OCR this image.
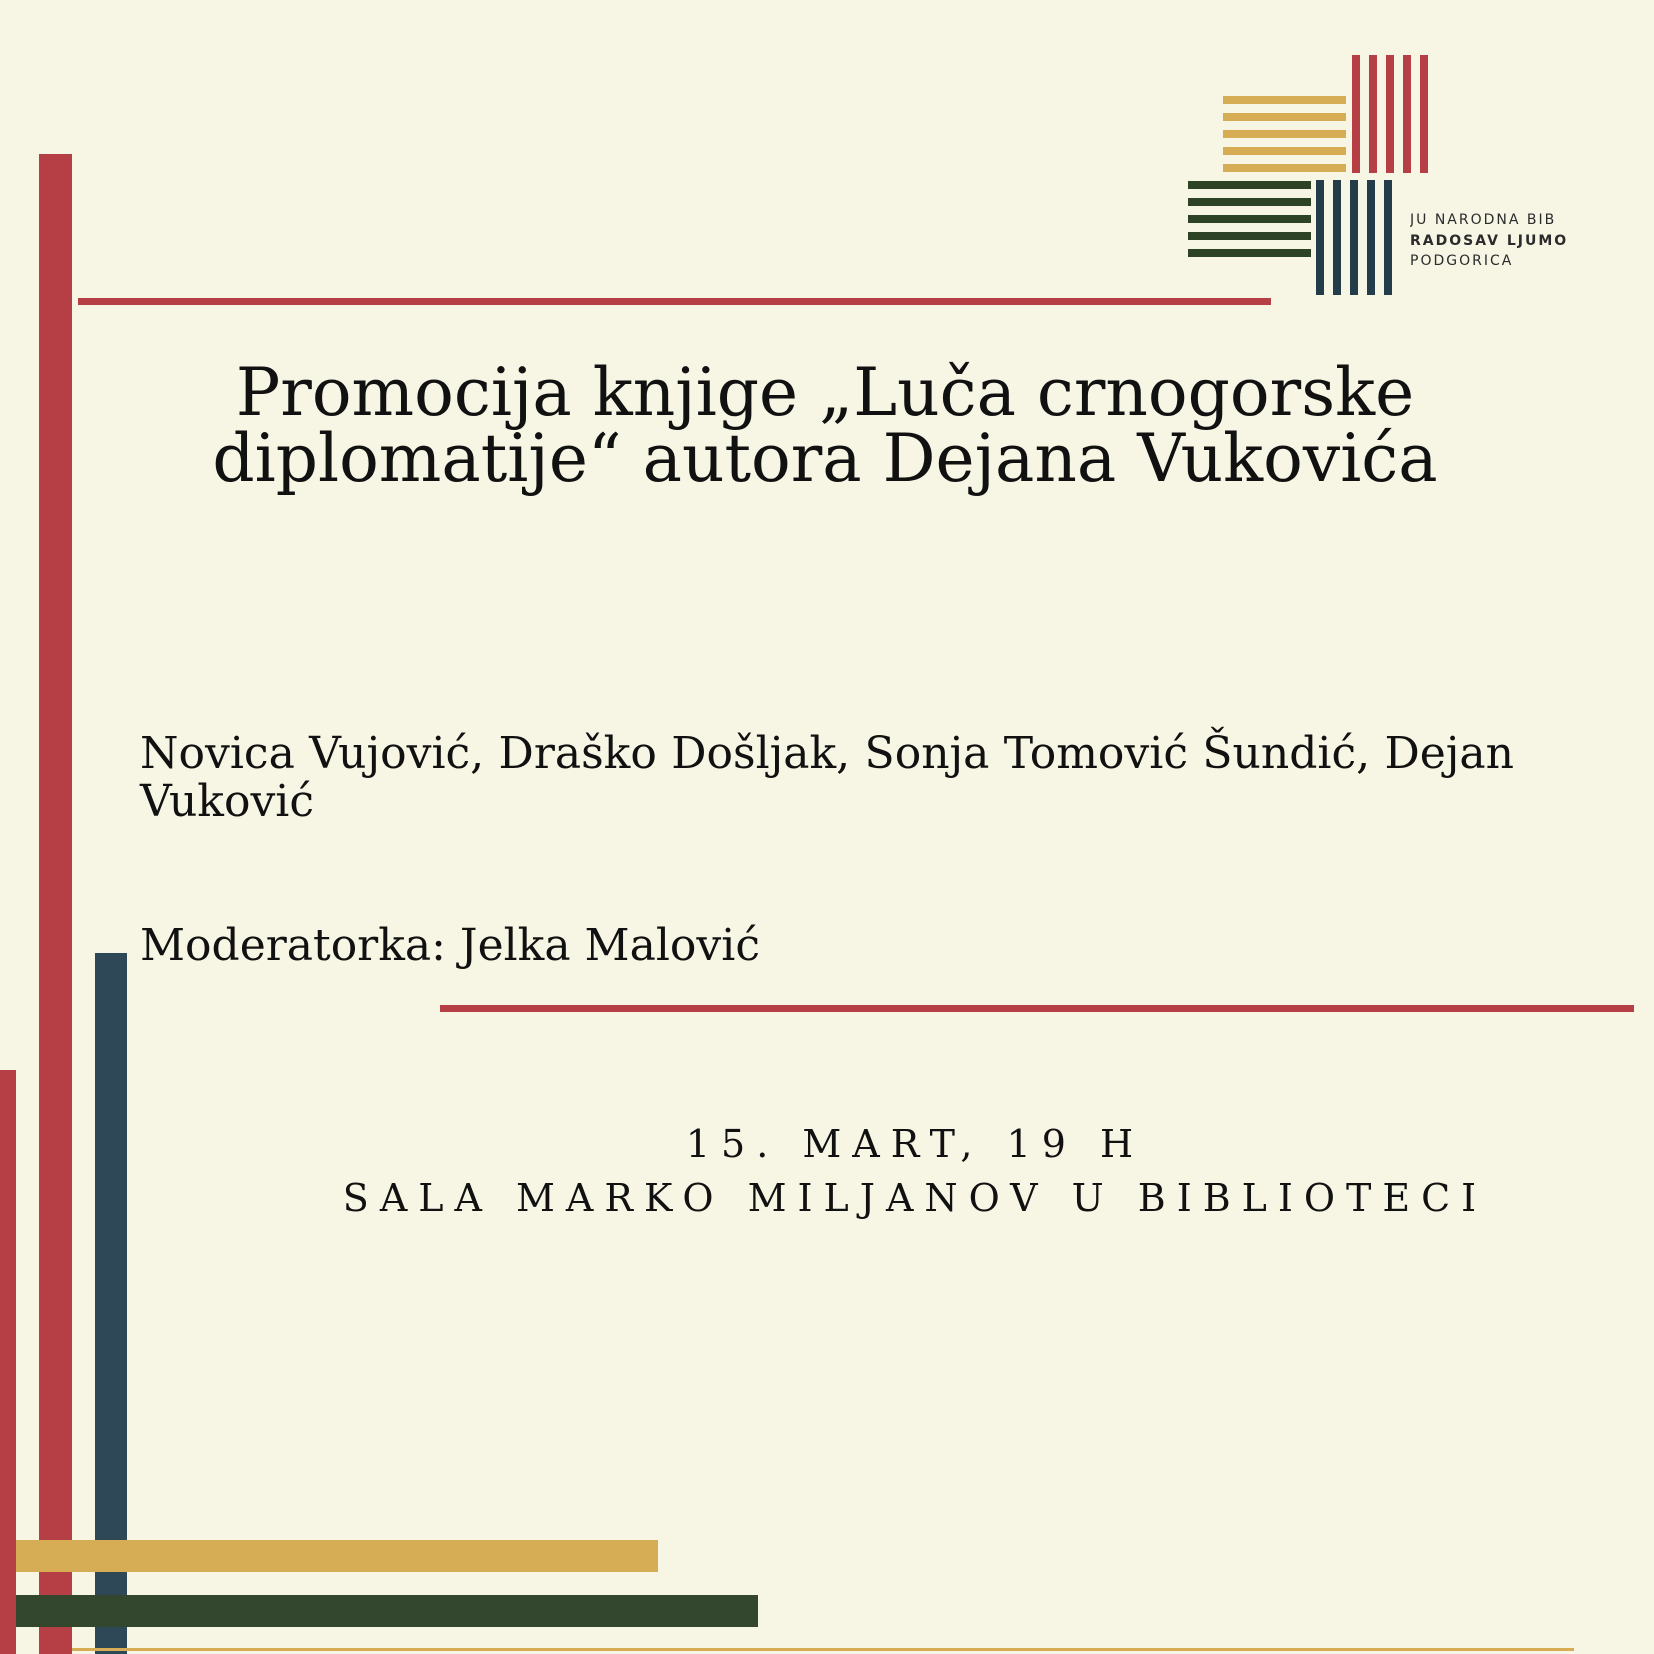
JU NARODNA BIB
RADOSAV LJUMO
PODGORICA
Promocija knjige „Luča crnogorske diplomatije“ autora Dejana Vukovića

Novica Vujović, Draško Došljak, Sonja Tomović Šundić, Dejan Vuković

Moderatorka: Jelka Malović

15. MART, 19 H

SALA MARKO MILJANOV U BIBLIOTECI
